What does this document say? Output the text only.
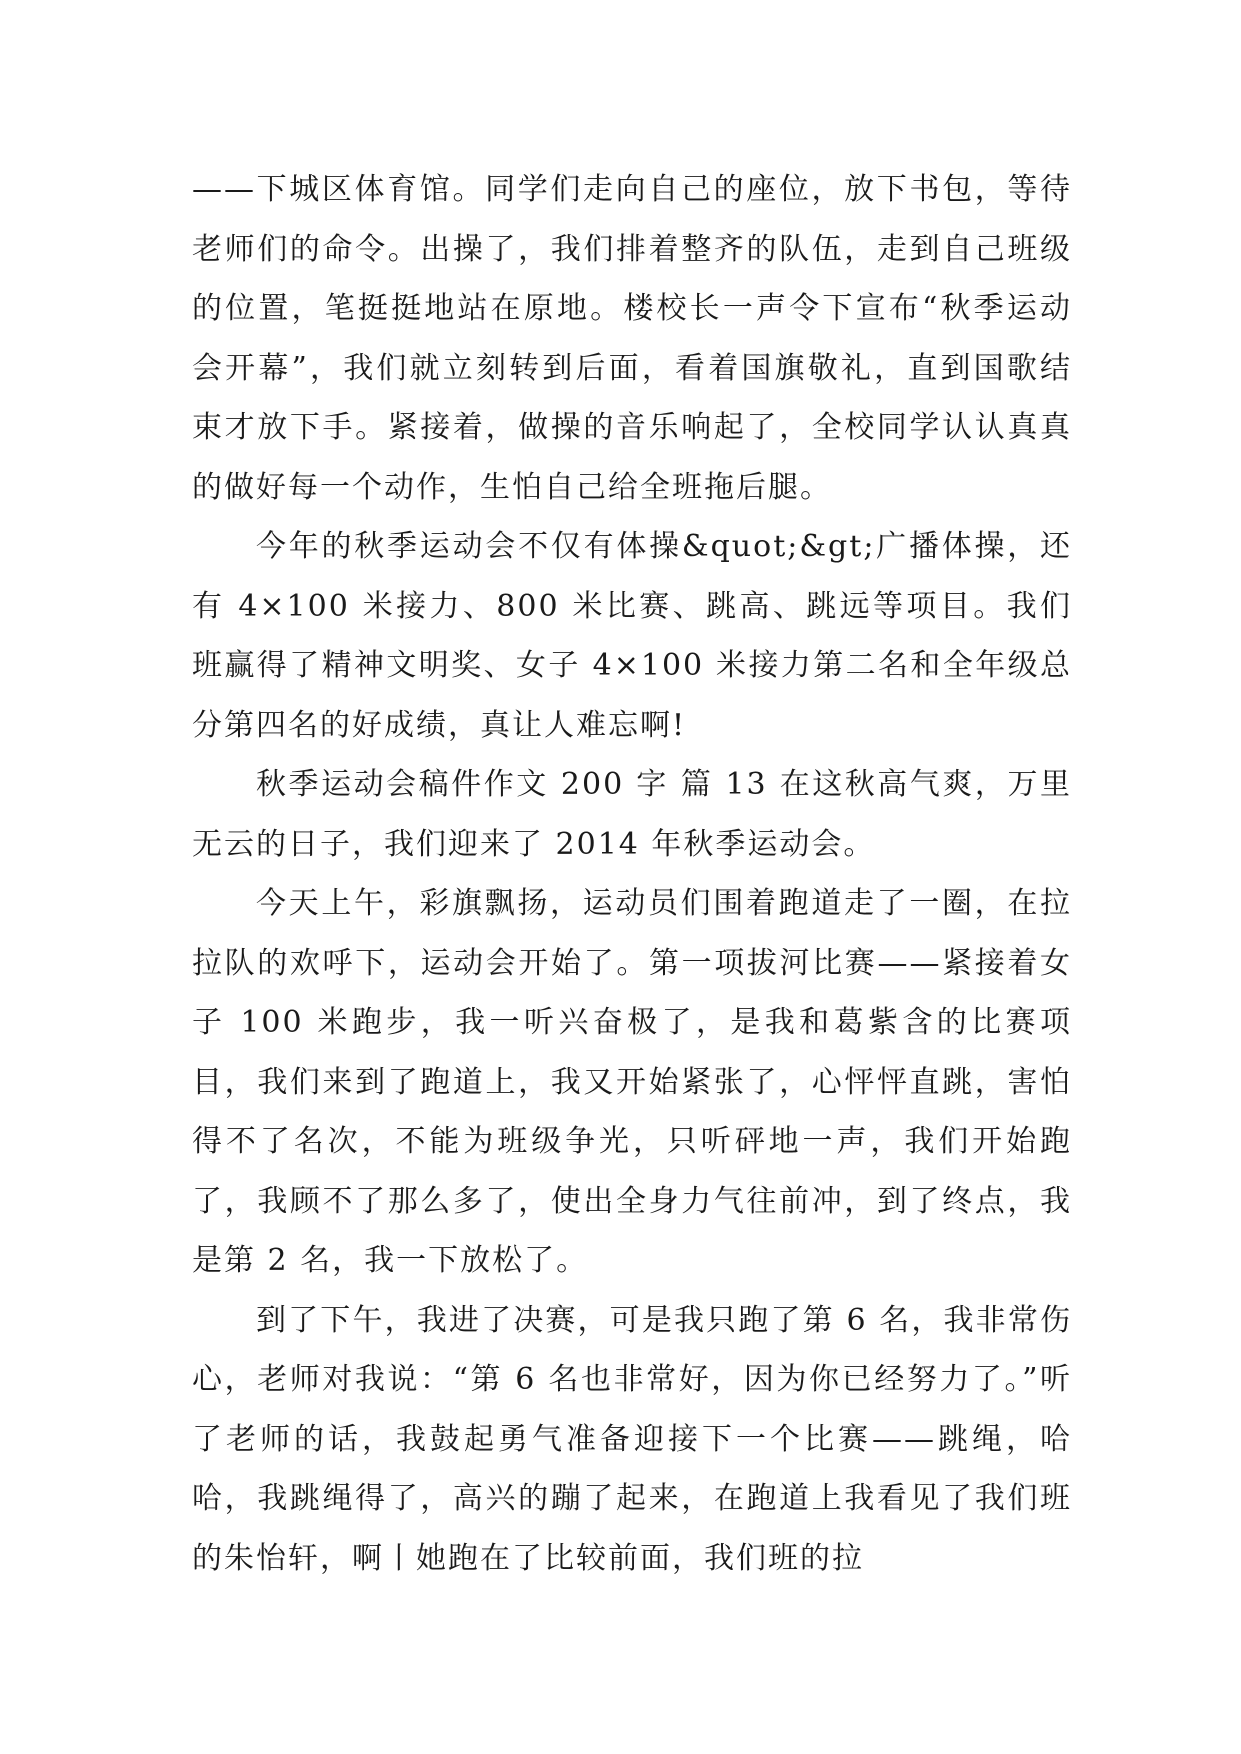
——下城区体育馆。同学们走向自己的座位，放下书包，等待老师们的命令。出操了，我们排着整齐的队伍，走到自己班级的位置，笔挺挺地站在原地。楼校长一声令下宣布“秋季运动会开幕”，我们就立刻转到后面，看着国旗敬礼，直到国歌结束才放下手。紧接着，做操的音乐响起了，全校同学认认真真的做好每一个动作，生怕自己给全班拖后腿。

今年的秋季运动会不仅有体操&quot;&gt;广播体操，还有 4×100 米接力、800 米比赛、跳高、跳远等项目。我们班赢得了精神文明奖、女子 4×100 米接力第二名和全年级总分第四名的好成绩，真让人难忘啊!

秋季运动会稿件作文 200 字 篇 13 在这秋高气爽，万里无云的日子，我们迎来了 2014 年秋季运动会。

今天上午，彩旗飘扬，运动员们围着跑道走了一圈，在拉拉队的欢呼下，运动会开始了。第一项拔河比赛——紧接着女子 100 米跑步，我一听兴奋极了，是我和葛紫含的比赛项目，我们来到了跑道上，我又开始紧张了，心怦怦直跳，害怕得不了名次，不能为班级争光，只听砰地一声，我们开始跑了，我顾不了那么多了，使出全身力气往前冲，到了终点，我是第 2 名，我一下放松了。

到了下午，我进了决赛，可是我只跑了第 6 名，我非常伤心，老师对我说：“第 6 名也非常好，因为你已经努力了。”听了老师的话，我鼓起勇气准备迎接下一个比赛——跳绳，哈哈，我跳绳得了，高兴的蹦了起来，在跑道上我看见了我们班的朱怡轩，啊丨她跑在了比较前面，我们班的拉
